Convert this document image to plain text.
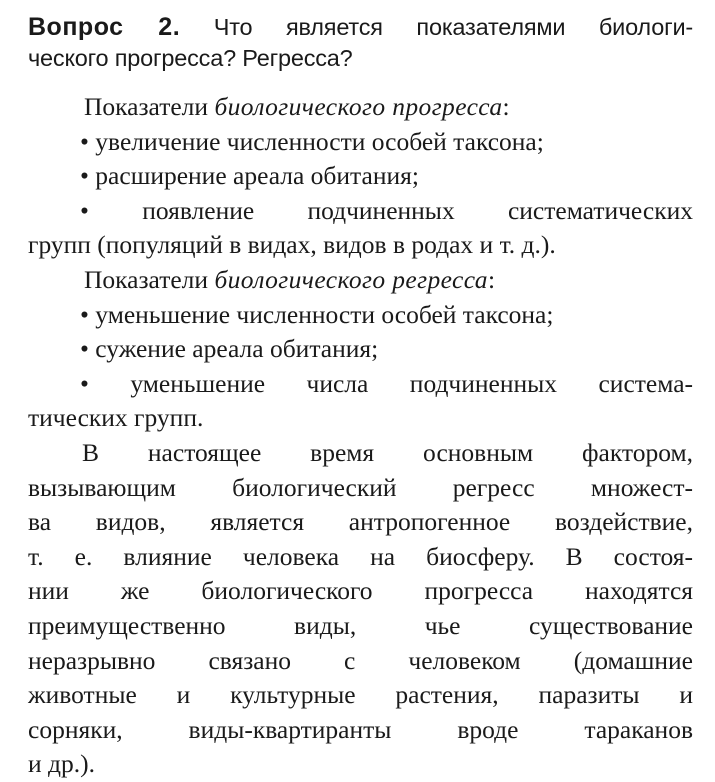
Вопрос 2. Что является показателями биологи-
ческого прогресса? Регресса?
Показатели биологического прогресса:
• увеличение численности особей таксона;
• расширение ареала обитания;
• появление подчиненных систематических
групп (популяций в видах, видов в родах и т. д.).
Показатели биологического регресса:
• уменьшение численности особей таксона;
• сужение ареала обитания;
• уменьшение числа подчиненных система-
тических групп.
В настоящее время основным фактором,
вызывающим биологический регресс множест-
ва видов, является антропогенное воздействие,
т. е. влияние человека на биосферу. В состоя-
нии же биологического прогресса находятся
преимущественно виды, чье существование
неразрывно связано с человеком (домашние
животные и культурные растения, паразиты и
сорняки, виды-квартиранты вроде тараканов
и др.).
